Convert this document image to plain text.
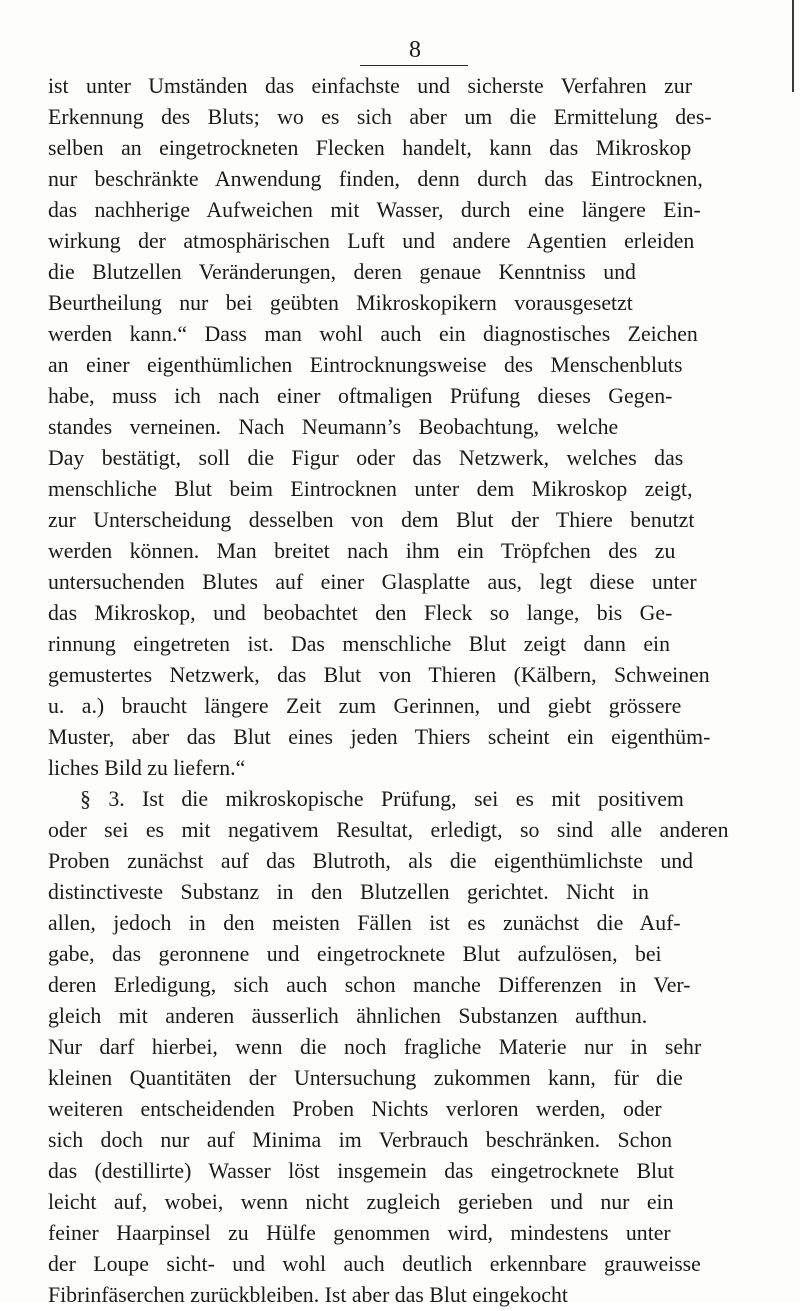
8
ist unter Umständen das einfachste und sicherste Verfahren zur
Erkennung des Bluts; wo es sich aber um die Ermittelung des-
selben an eingetrockneten Flecken handelt, kann das Mikroskop
nur beschränkte Anwendung finden, denn durch das Eintrocknen,
das nachherige Aufweichen mit Wasser, durch eine längere Ein-
wirkung der atmosphärischen Luft und andere Agentien erleiden
die Blutzellen Veränderungen, deren genaue Kenntniss und
Beurtheilung nur bei geübten Mikroskopikern vorausgesetzt
werden kann.“ Dass man wohl auch ein diagnostisches Zeichen
an einer eigenthümlichen Eintrocknungsweise des Menschenbluts
habe, muss ich nach einer oftmaligen Prüfung dieses Gegen-
standes verneinen. Nach Neumann’s Beobachtung, welche
Day bestätigt, soll die Figur oder das Netzwerk, welches das
menschliche Blut beim Eintrocknen unter dem Mikroskop zeigt,
zur Unterscheidung desselben von dem Blut der Thiere benutzt
werden können. Man breitet nach ihm ein Tröpfchen des zu
untersuchenden Blutes auf einer Glasplatte aus, legt diese unter
das Mikroskop, und beobachtet den Fleck so lange, bis Ge-
rinnung eingetreten ist. Das menschliche Blut zeigt dann ein
gemustertes Netzwerk, das Blut von Thieren (Kälbern, Schweinen
u. a.) braucht längere Zeit zum Gerinnen, und giebt grössere
Muster, aber das Blut eines jeden Thiers scheint ein eigenthüm-
liches Bild zu liefern.“
§ 3. Ist die mikroskopische Prüfung, sei es mit positivem
oder sei es mit negativem Resultat, erledigt, so sind alle anderen
Proben zunächst auf das Blutroth, als die eigenthümlichste und
distinctiveste Substanz in den Blutzellen gerichtet. Nicht in
allen, jedoch in den meisten Fällen ist es zunächst die Auf-
gabe, das geronnene und eingetrocknete Blut aufzulösen, bei
deren Erledigung, sich auch schon manche Differenzen in Ver-
gleich mit anderen äusserlich ähnlichen Substanzen aufthun.
Nur darf hierbei, wenn die noch fragliche Materie nur in sehr
kleinen Quantitäten der Untersuchung zukommen kann, für die
weiteren entscheidenden Proben Nichts verloren werden, oder
sich doch nur auf Minima im Verbrauch beschränken. Schon
das (destillirte) Wasser löst insgemein das eingetrocknete Blut
leicht auf, wobei, wenn nicht zugleich gerieben und nur ein
feiner Haarpinsel zu Hülfe genommen wird, mindestens unter
der Loupe sicht- und wohl auch deutlich erkennbare grauweisse
Fibrinfäserchen zurückbleiben. Ist aber das Blut eingekocht
